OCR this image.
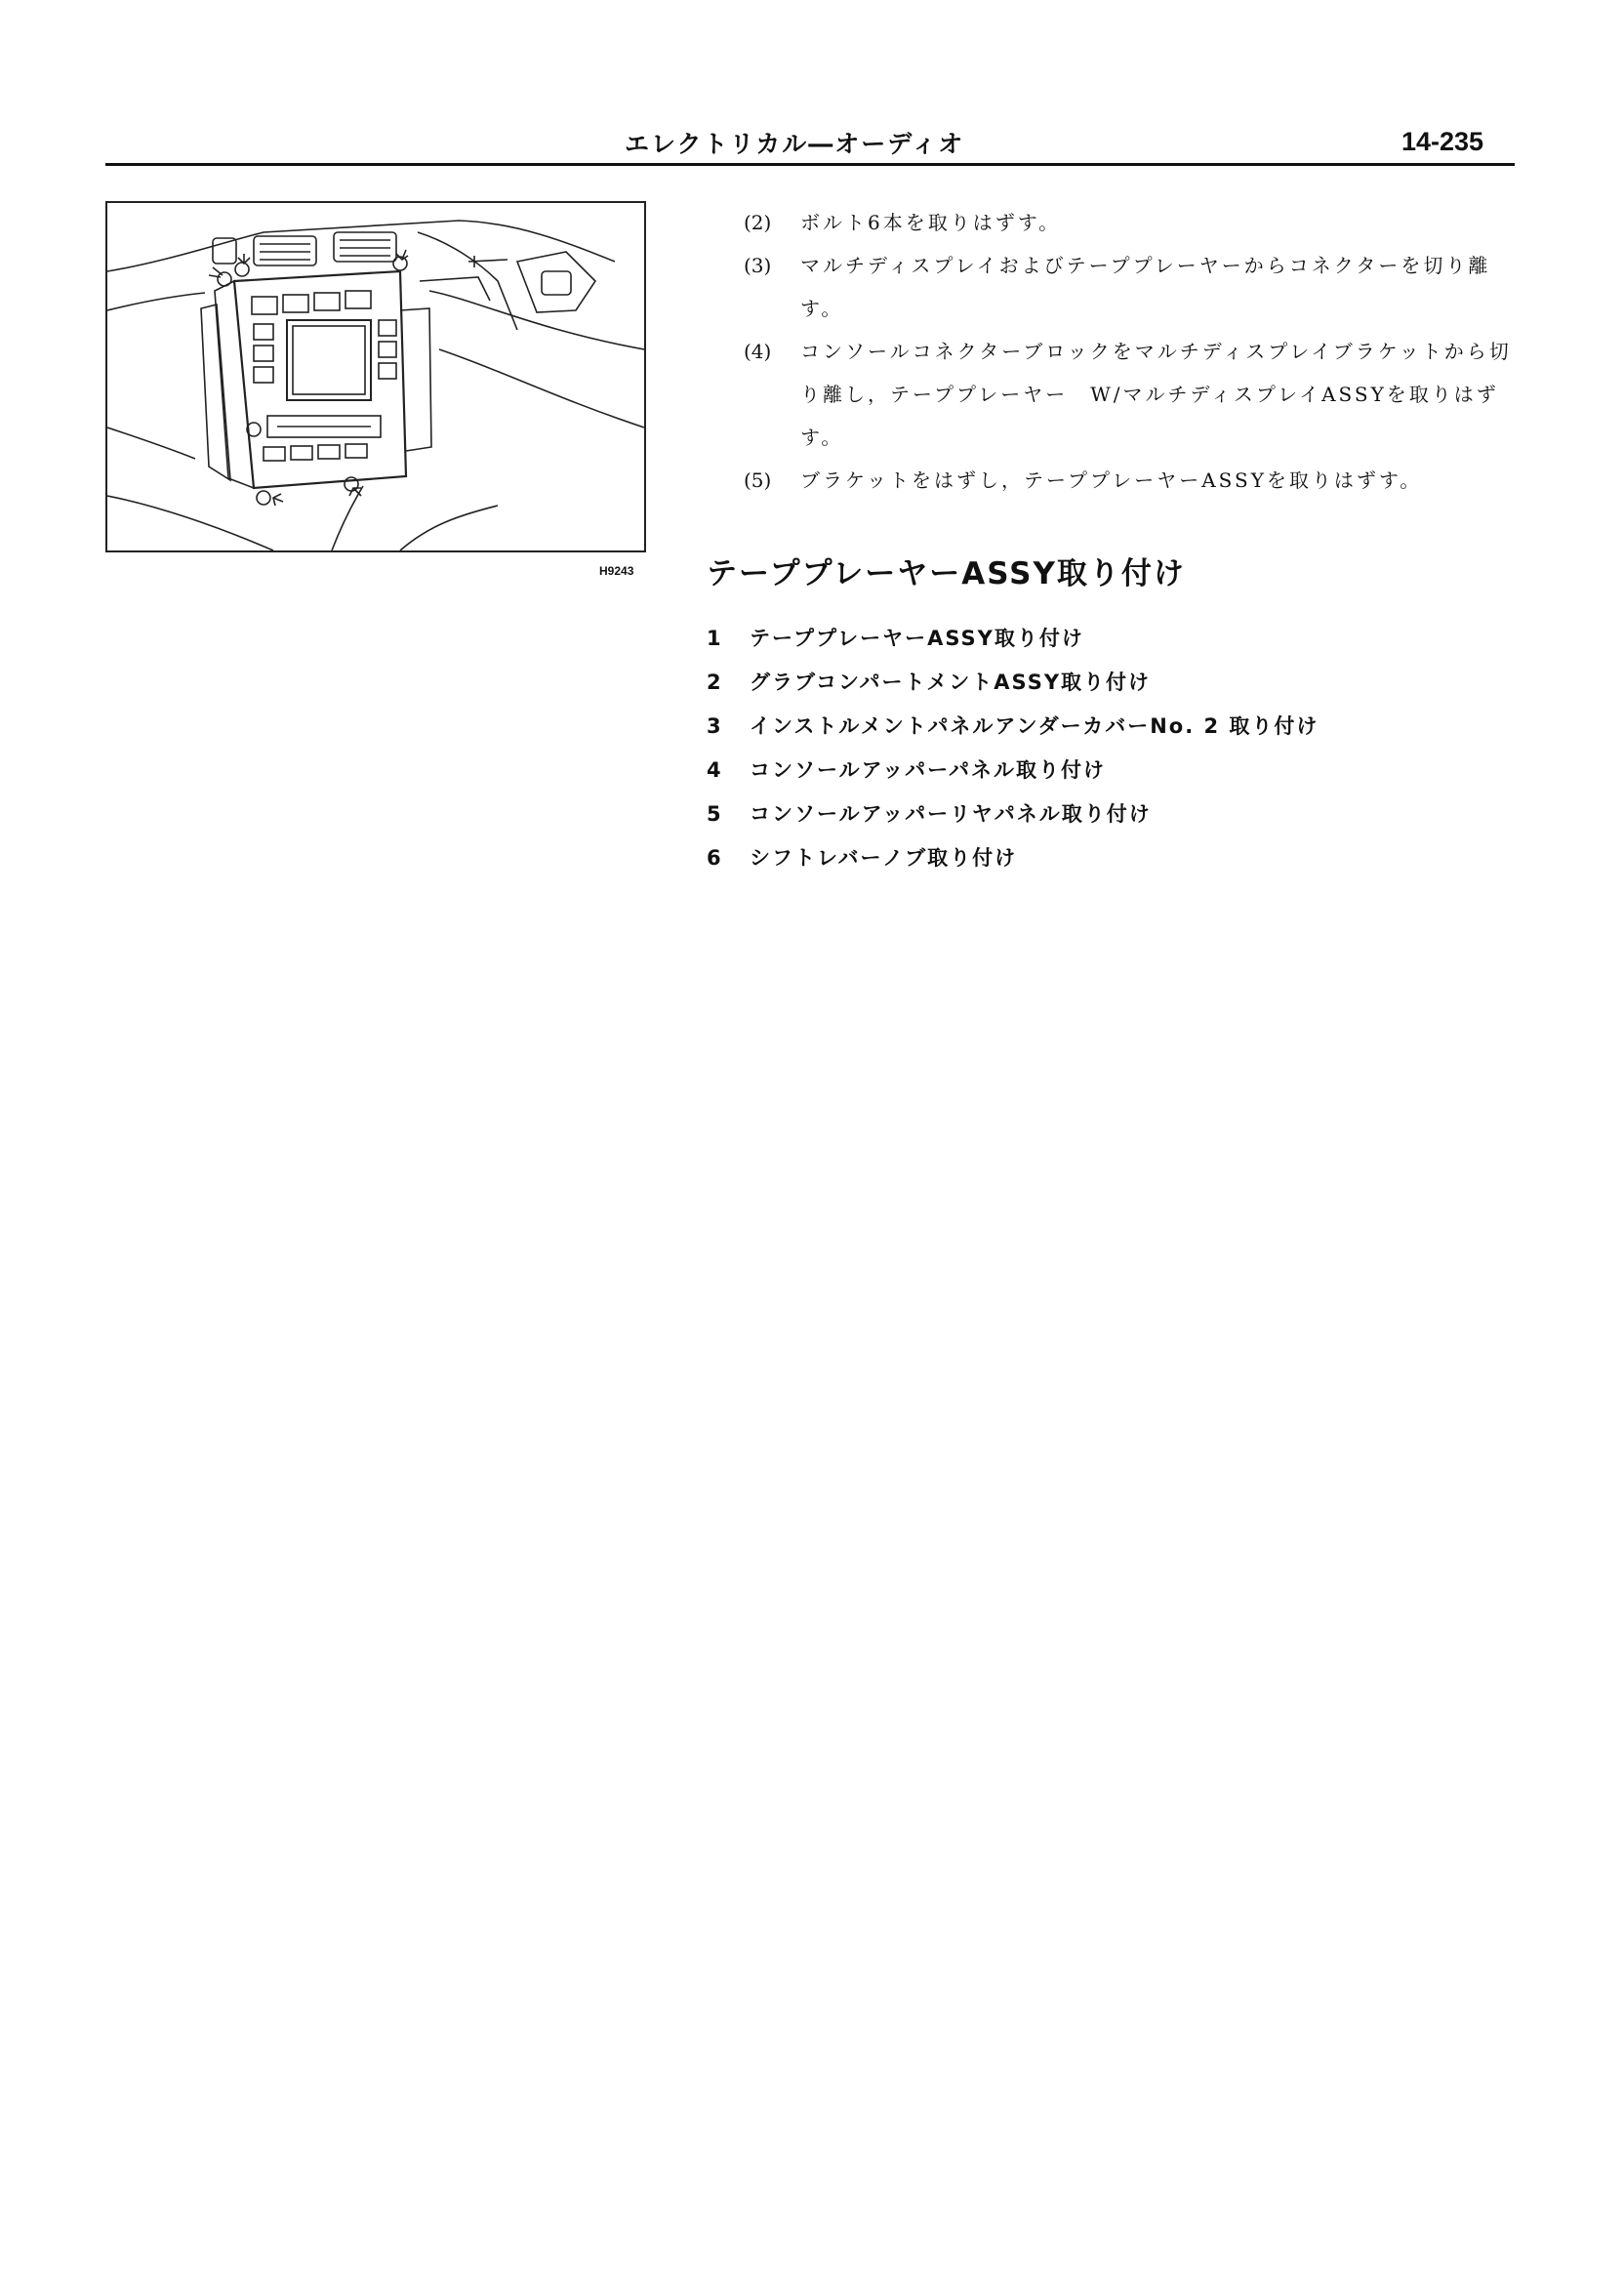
エレクトリカル―オーディオ	14-235
H9243
(2) ボルト6本を取りはずす。
(3) マルチディスプレイおよびテーププレーヤーからコネクターを切り離す。
(4) コンソールコネクターブロックをマルチディスプレイブラケットから切り離し，テーププレーヤー　W/マルチディスプレイASSYを取りはずす。
(5) ブラケットをはずし，テーププレーヤーASSYを取りはずす。
テーププレーヤーASSY取り付け
1 テーププレーヤーASSY取り付け
2 グラブコンパートメントASSY取り付け
3 インストルメントパネルアンダーカバーNo. 2 取り付け
4 コンソールアッパーパネル取り付け
5 コンソールアッパーリヤパネル取り付け
6 シフトレバーノブ取り付け
